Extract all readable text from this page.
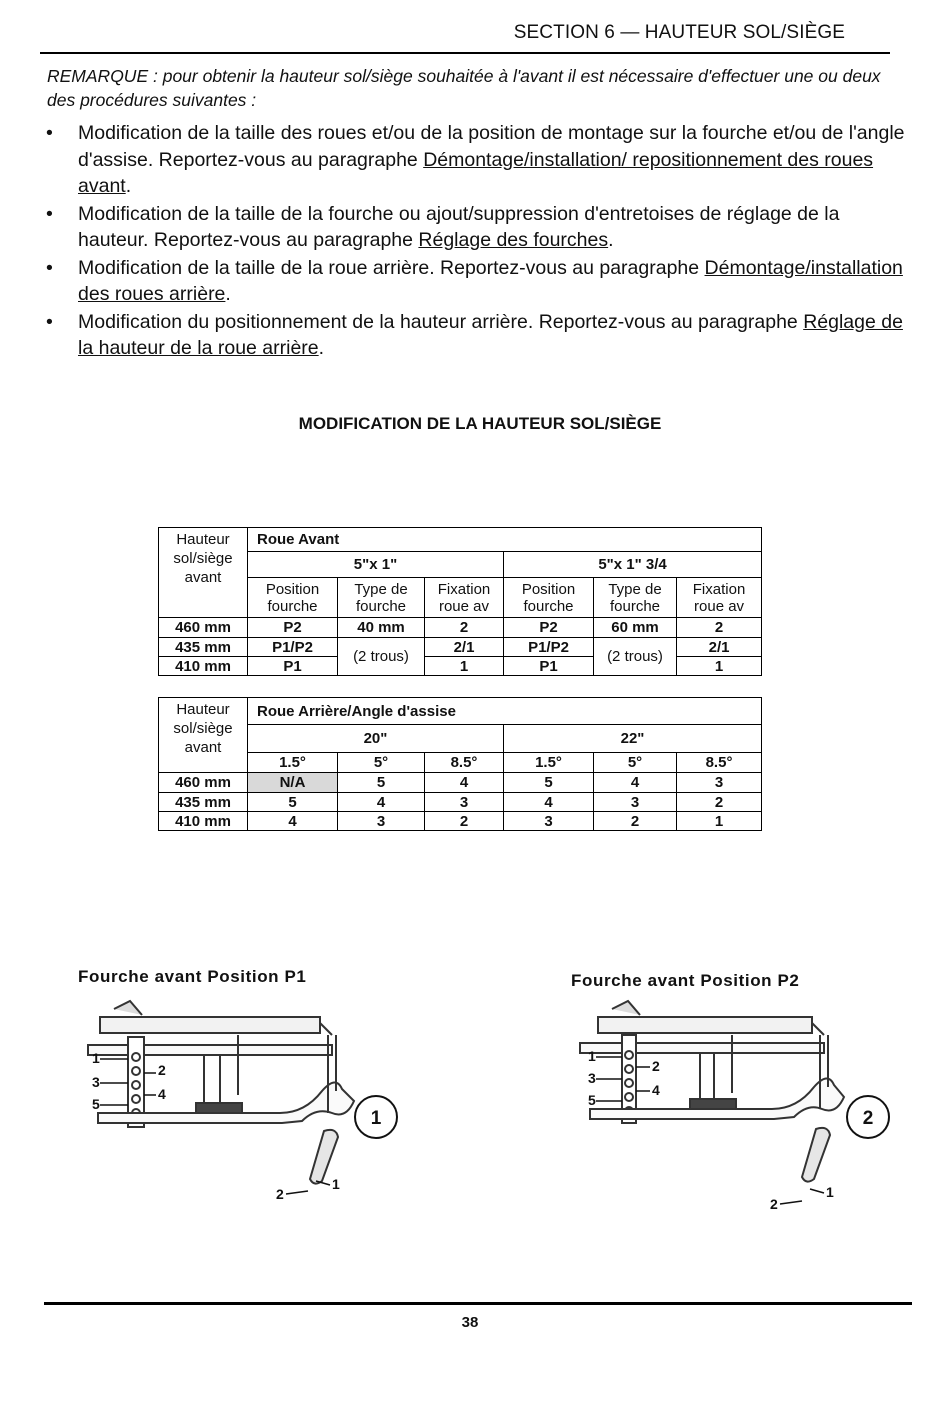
SECTION 6 — HAUTEUR SOL/SIÈGE

REMARQUE : pour obtenir la hauteur sol/siège souhaitée à l'avant il est nécessaire d'effectuer une ou deux des procédures suivantes :

• Modification de la taille des roues et/ou de la position de montage sur la fourche et/ou de l'angle d'assise. Reportez-vous au paragraphe Démontage/installation/ repositionnement des roues avant.
• Modification de la taille de la fourche ou ajout/suppression d'entretoises de réglage de la hauteur. Reportez-vous au paragraphe Réglage des fourches.
• Modification de la taille de la roue arrière. Reportez-vous au paragraphe Démontage/installation des roues arrière.
• Modification du positionnement de la hauteur arrière. Reportez-vous au paragraphe Réglage de la hauteur de la roue arrière.
MODIFICATION DE LA HAUTEUR SOL/SIÈGE
Hauteur sol/siège avant	Roue Avant					
	5"x 1"			5"x 1" 3/4		
	Position fourche	Type de fourche	Fixation roue av	Position fourche	Type de fourche	Fixation roue av
460 mm	P2	40 mm	2	P2	60 mm	2
435 mm	P1/P2	(2 trous)	2/1	P1/P2	(2 trous)	2/1
410 mm	P1		1	P1		1
Hauteur sol/siège avant	Roue Arrière/Angle d'assise					
	20"			22"		
	1.5°	5°	8.5°	1.5°	5°	8.5°
460 mm	N/A	5	4	5	4	3
435 mm	5	4	3	4	3	2
410 mm	4	3	2	3	2	1
Fourche avant Position P1
1
2
3
4
5
2
1
1
Fourche avant Position P2
1
2
3
4
5
2
1
2
38
